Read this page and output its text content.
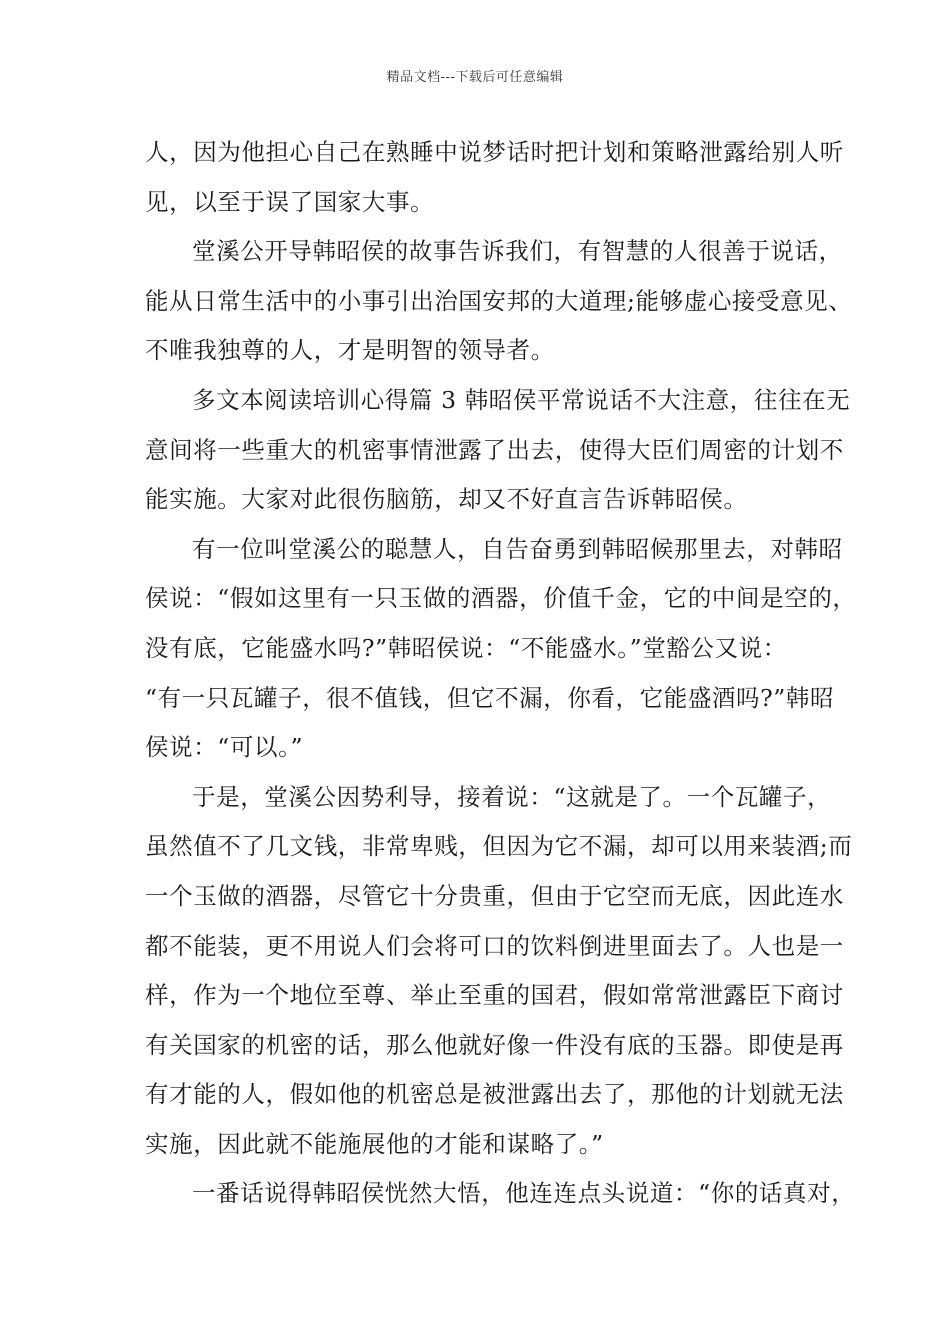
精品文档---下载后可任意编辑
人，因为他担心自己在熟睡中说梦话时把计划和策略泄露给别人听
见，以至于误了国家大事。
堂溪公开导韩昭侯的故事告诉我们，有智慧的人很善于说话，
能从日常生活中的小事引出治国安邦的大道理;能够虚心接受意见、
不唯我独尊的人，才是明智的领导者。
多文本阅读培训心得篇 3 韩昭侯平常说话不大注意，往往在无
意间将一些重大的机密事情泄露了出去，使得大臣们周密的计划不
能实施。大家对此很伤脑筋，却又不好直言告诉韩昭侯。
有一位叫堂溪公的聪慧人，自告奋勇到韩昭候那里去，对韩昭
侯说：“假如这里有一只玉做的酒器，价值千金，它的中间是空的，
没有底，它能盛水吗?”韩昭侯说：“不能盛水。”堂豁公又说：
“有一只瓦罐子，很不值钱，但它不漏，你看，它能盛酒吗?”韩昭
侯说：“可以。”
于是，堂溪公因势利导，接着说：“这就是了。一个瓦罐子，
虽然值不了几文钱，非常卑贱，但因为它不漏，却可以用来装酒;而
一个玉做的酒器，尽管它十分贵重，但由于它空而无底，因此连水
都不能装，更不用说人们会将可口的饮料倒进里面去了。人也是一
样，作为一个地位至尊、举止至重的国君，假如常常泄露臣下商讨
有关国家的机密的话，那么他就好像一件没有底的玉器。即使是再
有才能的人，假如他的机密总是被泄露出去了，那他的计划就无法
实施，因此就不能施展他的才能和谋略了。”
一番话说得韩昭侯恍然大悟，他连连点头说道：“你的话真对，
